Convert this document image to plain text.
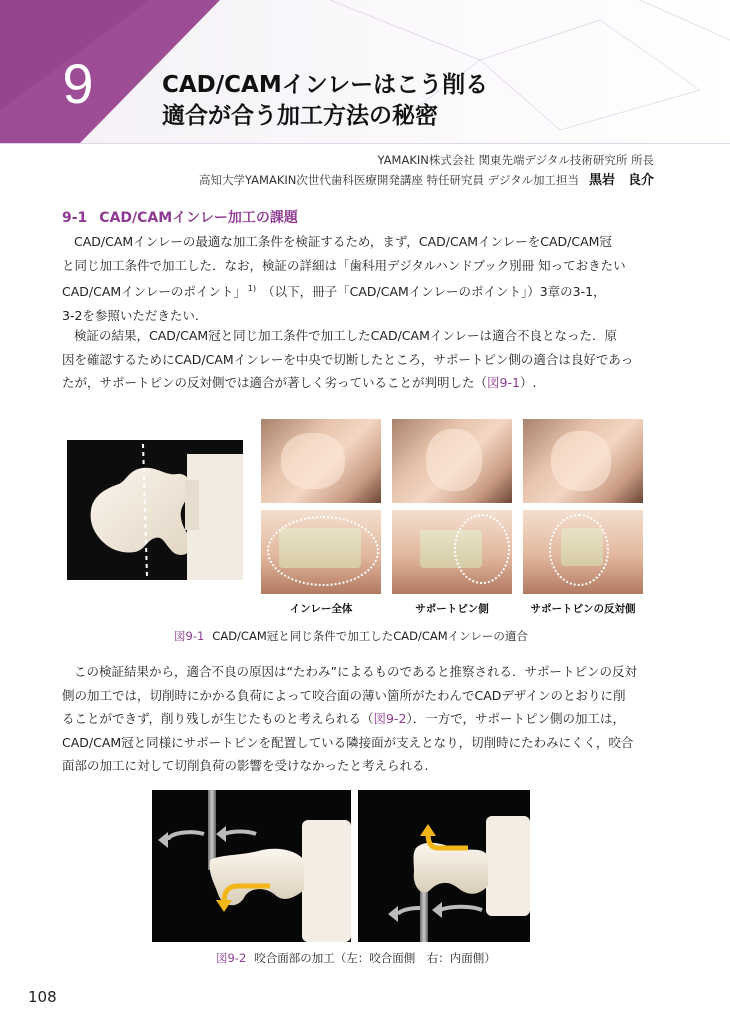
9	CAD/CAMインレーはこう削る
適合が合う加工方法の秘密
YAMAKIN株式会社 関東先端デジタル技術研究所 所長
高知大学YAMAKIN次世代歯科医療開発講座 特任研究員 デジタル加工担当 黒岩　良介
9-1 CAD/CAMインレー加工の課題
CAD/CAMインレーの最適な加工条件を検証するため，まず，CAD/CAMインレーをCAD/CAM冠
と同じ加工条件で加工した．なお，検証の詳細は「歯科用デジタルハンドブック別冊 知っておきたい
CAD/CAMインレーのポイント」 $^{1)}$ （以下，冊子「CAD/CAMインレーのポイント」）3章の3-1，
3-2を参照いただきたい.
検証の結果，CAD/CAM冠と同じ加工条件で加工したCAD/CAMインレーは適合不良となった．原
因を確認するためにCAD/CAMインレーを中央で切断したところ，サポートピン側の適合は良好であっ
たが，サポートピンの反対側では適合が著しく劣っていることが判明した（図9-1）.
インレー全体	サポートピン側	サポートピンの反対側
図9-1 CAD/CAM冠と同じ条件で加工したCAD/CAMインレーの適合
この検証結果から，適合不良の原因は“たわみ”によるものであると推察される．サポートピンの反対
側の加工では，切削時にかかる負荷によって咬合面の薄い箇所がたわんでCADデザインのとおりに削
ることができず，削り残しが生じたものと考えられる（図9-2）．一方で，サポートピン側の加工は，
CAD/CAM冠と同様にサポートピンを配置している隣接面が支えとなり，切削時にたわみにくく，咬合
面部の加工に対して切削負荷の影響を受けなかったと考えられる.
図9-2 咬合面部の加工（左：咬合面側　右：内面側）
108
